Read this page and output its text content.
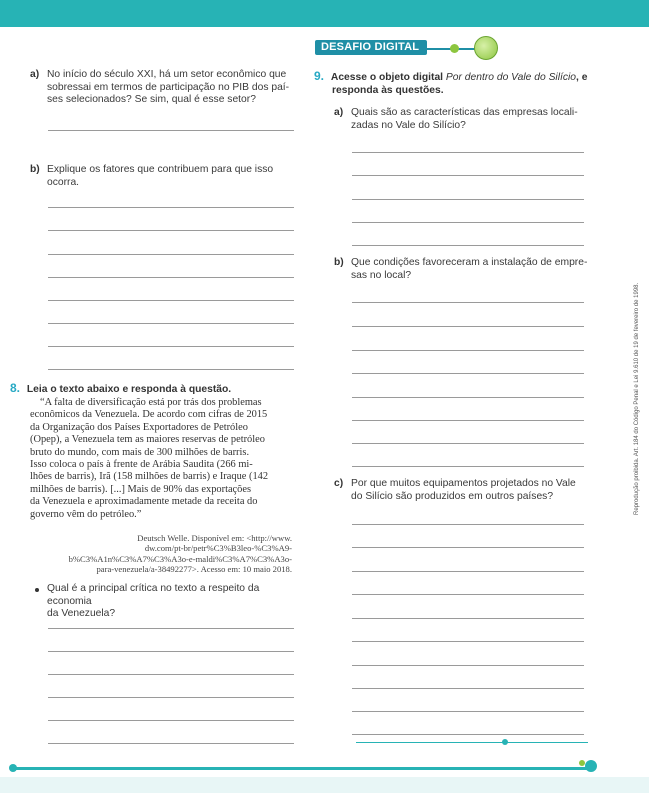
DESAFIO DIGITAL
a) No início do século XXI, há um setor econômico que
sobressai em termos de participação no PIB dos paí-
ses selecionados? Se sim, qual é esse setor?
b) Explique os fatores que contribuem para que isso
ocorra.
8. Leia o texto abaixo e responda à questão.
“A falta de diversificação está por trás dos problemas
econômicos da Venezuela. De acordo com cifras de 2015
da Organização dos Países Exportadores de Petróleo
(Opep), a Venezuela tem as maiores reservas de petróleo
bruto do mundo, com mais de 300 milhões de barris.
Isso coloca o país à frente de Arábia Saudita (266 mi-
lhões de barris), Irã (158 milhões de barris) e Iraque (142
milhões de barris). [...] Mais de 90% das exportações
da Venezuela e aproximadamente metade da receita do
governo vêm do petróleo.”
Deutsch Welle. Disponível em: <http://www.
dw.com/pt-br/petr%C3%B3leo-%C3%A9-
b%C3%A1n%C3%A7%C3%A3o-e-maldi%C3%A7%C3%A3o-
para-venezuela/a-38492277>. Acesso em: 10 maio 2018.
Qual é a principal crítica no texto a respeito da economia
da Venezuela?
9. Acesse o objeto digital Por dentro do Vale do Silício, e
responda às questões.
a) Quais são as características das empresas locali-
zadas no Vale do Silício?
b) Que condições favoreceram a instalação de empre-
sas no local?
c) Por que muitos equipamentos projetados no Vale
do Silício são produzidos em outros países?	Reprodução proibida. Art. 184 do Código Penal e Lei 9.610 de 19 de fevereiro de 1998.
